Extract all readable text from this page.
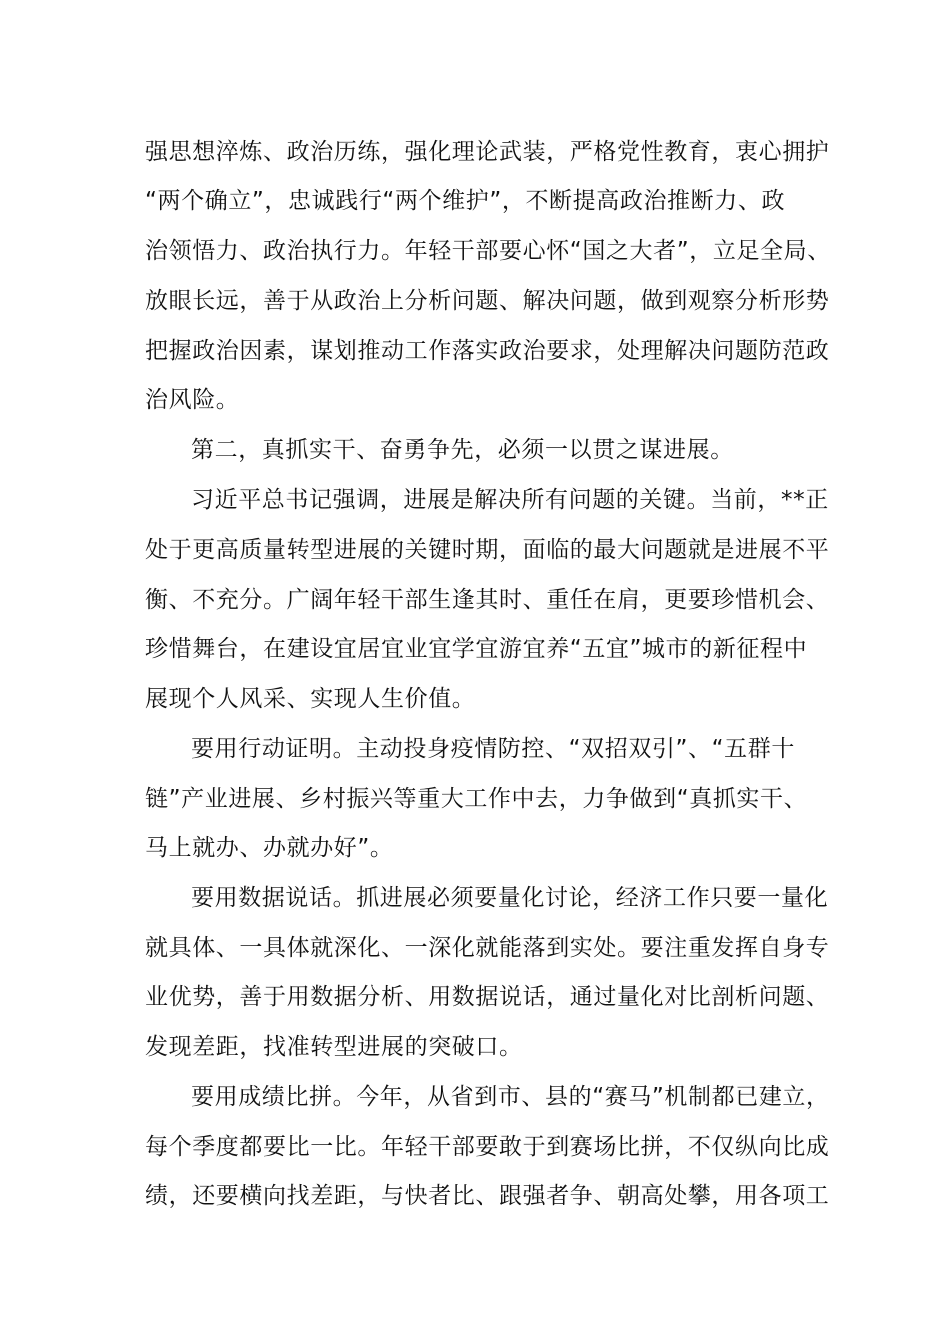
强思想淬炼、政治历练，强化理论武装，严格党性教育，衷心拥护
“两个确立”，忠诚践行“两个维护”，不断提高政治推断力、政
治领悟力、政治执行力。年轻干部要心怀“国之大者”，立足全局、
放眼长远，善于从政治上分析问题、解决问题，做到观察分析形势
把握政治因素，谋划推动工作落实政治要求，处理解决问题防范政
治风险。
第二，真抓实干、奋勇争先，必须一以贯之谋进展。
习近平总书记强调，进展是解决所有问题的关键。当前，**正
处于更高质量转型进展的关键时期，面临的最大问题就是进展不平
衡、不充分。广阔年轻干部生逢其时、重任在肩，更要珍惜机会、
珍惜舞台，在建设宜居宜业宜学宜游宜养“五宜”城市的新征程中
展现个人风采、实现人生价值。
要用行动证明。主动投身疫情防控、“双招双引”、“五群十
链”产业进展、乡村振兴等重大工作中去，力争做到“真抓实干、
马上就办、办就办好”。
要用数据说话。抓进展必须要量化讨论，经济工作只要一量化
就具体、一具体就深化、一深化就能落到实处。要注重发挥自身专
业优势，善于用数据分析、用数据说话，通过量化对比剖析问题、
发现差距，找准转型进展的突破口。
要用成绩比拼。今年，从省到市、县的“赛马”机制都已建立，
每个季度都要比一比。年轻干部要敢于到赛场比拼，不仅纵向比成
绩，还要横向找差距，与快者比、跟强者争、朝高处攀，用各项工
